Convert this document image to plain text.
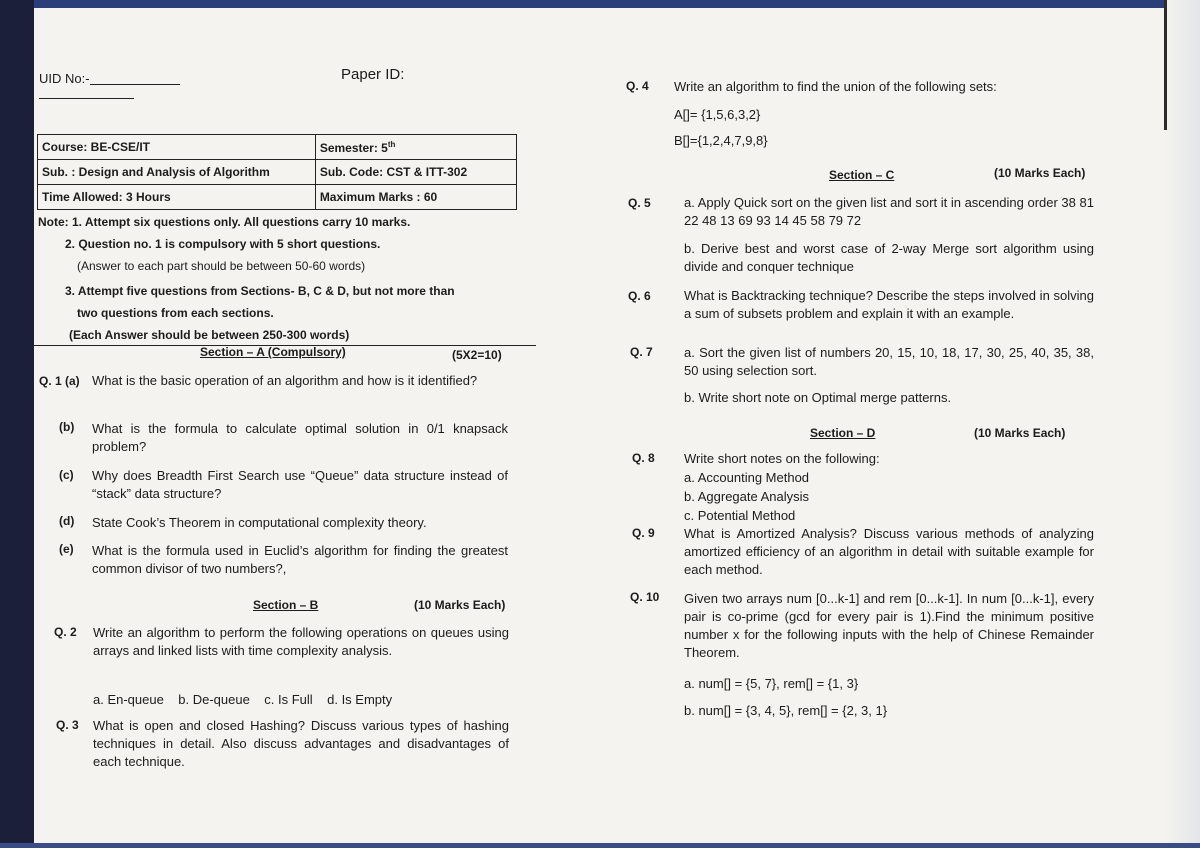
UID No:-	Paper ID:
Course: BE-CSE/IT	Semester: 5th
Sub. : Design and Analysis of Algorithm	Sub. Code: CST & ITT-302
Time Allowed: 3 Hours	Maximum Marks : 60
Note: 1. Attempt six questions only. All questions carry 10 marks.
2. Question no. 1 is compulsory with 5 short questions.
(Answer to each part should be between 50-60 words)
3. Attempt five questions from Sections- B, C & D, but not more than
two questions from each sections.
(Each Answer should be between 250-300 words)
Section – A (Compulsory)	(5X2=10)
Q. 1 (a) What is the basic operation of an algorithm and how is it identified?
(b) What is the formula to calculate optimal solution in 0/1 knapsack problem?
(c) Why does Breadth First Search use “Queue” data structure instead of “stack” data structure?
(d) State Cook’s Theorem in computational complexity theory.
(e) What is the formula used in Euclid’s algorithm for finding the greatest common divisor of two numbers?,
Section – B	(10 Marks Each)
Q. 2 Write an algorithm to perform the following operations on queues using arrays and linked lists with time complexity analysis.
a. En-queue    b. De-queue    c. Is Full    d. Is Empty
Q. 3 What is open and closed Hashing? Discuss various types of hashing techniques in detail. Also discuss advantages and disadvantages of each technique.
Q. 4 Write an algorithm to find the union of the following sets:
A[]= {1,5,6,3,2}
B[]={1,2,4,7,9,8}
Section – C	(10 Marks Each)
Q. 5	a. Apply Quick sort on the given list and sort it in ascending order 38 81 22 48 13 69 93 14 45 58 79 72
b. Derive best and worst case of 2-way Merge sort algorithm using divide and conquer technique
Q. 6	What is Backtracking technique? Describe the steps involved in solving a sum of subsets problem and explain it with an example.
Q. 7 a. Sort the given list of numbers 20, 15, 10, 18, 17, 30, 25, 40, 35, 38, 50 using selection sort.
b. Write short note on Optimal merge patterns.
Section – D	(10 Marks Each)
Q. 8 Write short notes on the following:
a. Accounting Method
b. Aggregate Analysis
c. Potential Method
Q. 9 What is Amortized Analysis? Discuss various methods of analyzing amortized efficiency of an algorithm in detail with suitable example for each method.
Q. 10 Given two arrays num [0...k-1] and rem [0...k-1]. In num [0...k-1], every pair is co-prime (gcd for every pair is 1).Find the minimum positive number x for the following inputs with the help of Chinese Remainder Theorem.
a. num[] = {5, 7}, rem[] = {1, 3}
b. num[] = {3, 4, 5}, rem[] = {2, 3, 1}
